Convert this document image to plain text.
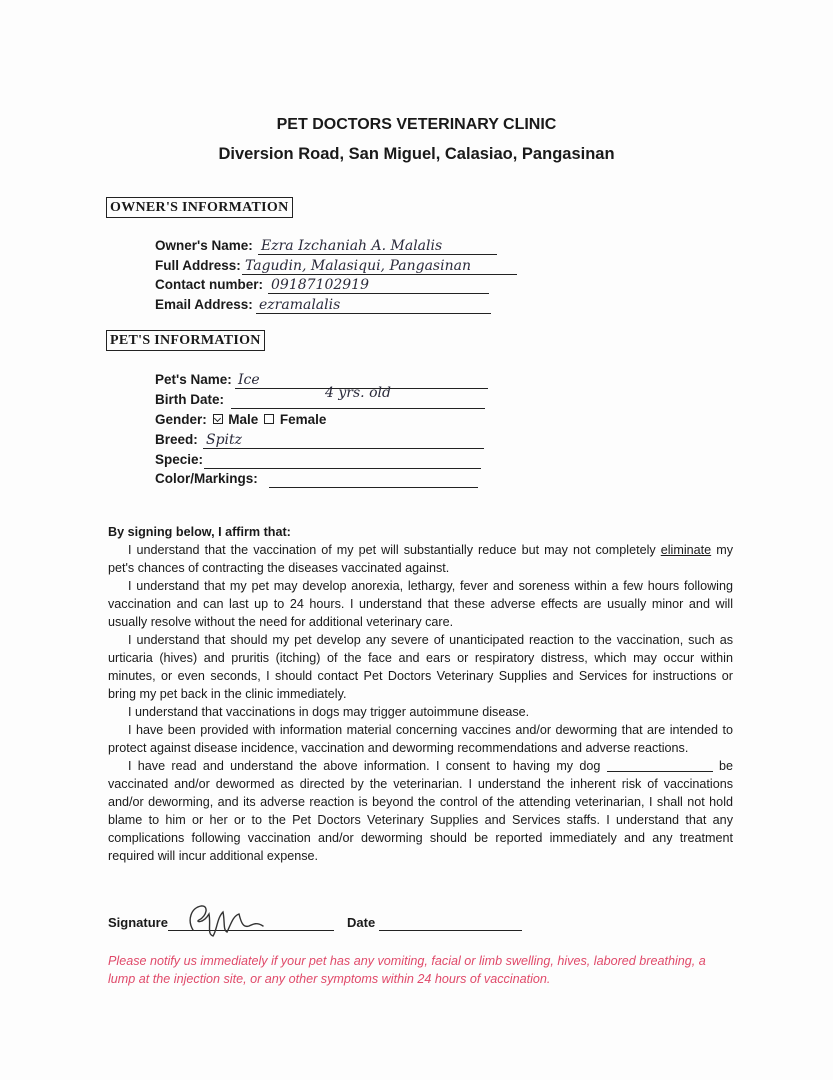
PET DOCTORS VETERINARY CLINIC
Diversion Road, San Miguel, Calasiao, Pangasinan
OWNER'S INFORMATION
Owner's Name: Ezra Izchaniah A. Malalis
Full Address: Tagudin, Malasiqui, Pangasinan
Contact number: 09187102919
Email Address: ezramalalis
PET'S INFORMATION
Pet's Name: Ice
Birth Date:	4 yrs. old
Gender: Male Female
Breed: Spitz
Specie:
Color/Markings:

By signing below, I affirm that:

I understand that the vaccination of my pet will substantially reduce but may not completely eliminate my pet's chances of contracting the diseases vaccinated against.

I understand that my pet may develop anorexia, lethargy, fever and soreness within a few hours following vaccination and can last up to 24 hours. I understand that these adverse effects are usually minor and will usually resolve without the need for additional veterinary care.

I understand that should my pet develop any severe of unanticipated reaction to the vaccination, such as urticaria (hives) and pruritis (itching) of the face and ears or respiratory distress, which may occur within minutes, or even seconds, I should contact Pet Doctors Veterinary Supplies and Services for instructions or bring my pet back in the clinic immediately.

I understand that vaccinations in dogs may trigger autoimmune disease.

I have been provided with information material concerning vaccines and/or deworming that are intended to protect against disease incidence, vaccination and deworming recommendations and adverse reactions.

I have read and understand the above information. I consent to having my dog	be vaccinated and/or dewormed as directed by the veterinarian. I understand the inherent risk of vaccinations and/or deworming, and its adverse reaction is beyond the control of the attending veterinarian, I shall not hold blame to him or her or to the Pet Doctors Veterinary Supplies and Services staffs. I understand that any complications following vaccination and/or deworming should be reported immediately and any treatment required will incur additional expense.

Signature	Date
Please notify us immediately if your pet has any vomiting, facial or limb swelling, hives, labored breathing, a lump at the injection site, or any other symptoms within 24 hours of vaccination.
